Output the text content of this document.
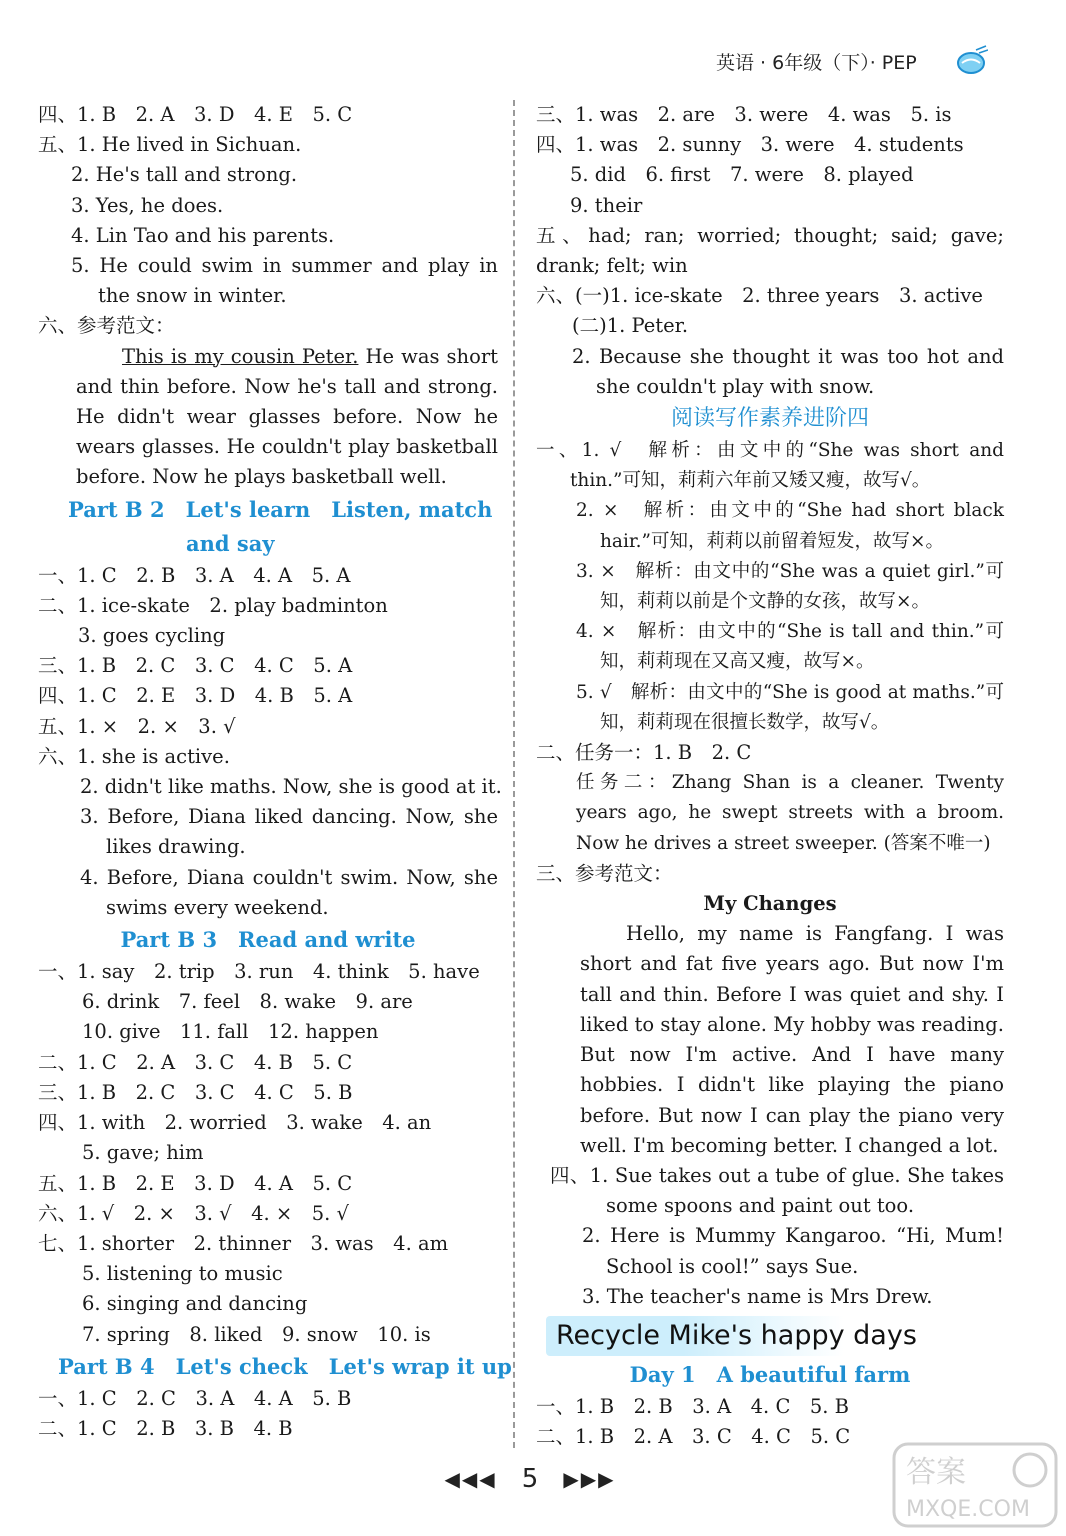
英语 · 6年级（下）· PEP
四、1. B　2. A　3. D　4. E　5. C
五、1. He lived in Sichuan.
2. He's tall and strong.
3. Yes, he does.
4. Lin Tao and his parents.
5. He could swim in summer and play in the snow in winter.
六、参考范文：
This is my cousin Peter. He was short and thin before. Now he's tall and strong. He didn't wear glasses before. Now he wears glasses. He couldn't play basketball before. Now he plays basketball well.
Part B 2　Let's learn　Listen, match
and say
一、1. C　2. B　3. A　4. A　5. A
二、1. ice-skate　2. play badminton
3. goes cycling
三、1. B　2. C　3. C　4. C　5. A
四、1. C　2. E　3. D　4. B　5. A
五、1. ×　2. ×　3. √
六、1. she is active.
2. didn't like maths. Now, she is good at it.
3. Before, Diana liked dancing. Now, she likes drawing.
4. Before, Diana couldn't swim. Now, she swims every weekend.
Part B 3　Read and write
一、1. say　2. trip　3. run　4. think　5. have
6. drink　7. feel　8. wake　9. are
10. give　11. fall　12. happen
二、1. C　2. A　3. C　4. B　5. C
三、1. B　2. C　3. C　4. C　5. B
四、1. with　2. worried　3. wake　4. an
5. gave; him
五、1. B　2. E　3. D　4. A　5. C
六、1. √　2. ×　3. √　4. ×　5. √
七、1. shorter　2. thinner　3. was　4. am
5. listening to music
6. singing and dancing
7. spring　8. liked　9. snow　10. is
Part B 4　Let's check　Let's wrap it up
一、1. C　2. C　3. A　4. A　5. B
二、1. C　2. B　3. B　4. B
三、1. was　2. are　3. were　4. was　5. is
四、1. was　2. sunny　3. were　4. students
5. did　6. first　7. were　8. played
9. their
五、had; ran; worried; thought; said; gave; drank; felt; win
六、(一)1. ice-skate　2. three years　3. active
(二)1. Peter.
2. Because she thought it was too hot and she couldn't play with snow.
阅读写作素养进阶四
一、1. √　解析：由文中的“She was short and thin.”可知，莉莉六年前又矮又瘦，故写√。
2. ×　解析：由文中的“She had short black hair.”可知，莉莉以前留着短发，故写×。
3. ×　解析：由文中的“She was a quiet girl.”可知，莉莉以前是个文静的女孩，故写×。
4. ×　解析：由文中的“She is tall and thin.”可知，莉莉现在又高又瘦，故写×。
5. √　解析：由文中的“She is good at maths.”可知，莉莉现在很擅长数学，故写√。
二、任务一：1. B　2. C
任务二：Zhang Shan is a cleaner. Twenty years ago, he swept streets with a broom. Now he drives a street sweeper. (答案不唯一)
三、参考范文：
My Changes
Hello, my name is Fangfang. I was short and fat five years ago. But now I'm tall and thin. Before I was quiet and shy. I liked to stay alone. My hobby was reading. But now I'm active. And I have many hobbies. I didn't like playing the piano before. But now I can play the piano very well. I'm becoming better. I changed a lot.
四、1. Sue takes out a tube of glue. She takes some spoons and paint out too.
2. Here is Mummy Kangaroo. “Hi, Mum! School is cool!” says Sue.
3. The teacher's name is Mrs Drew.
Recycle Mike's happy days
Day 1　A beautiful farm
一、1. B　2. B　3. A　4. C　5. B
二、1. B　2. A　3. C　4. C　5. C
◀◀◀ 5 ▶▶▶	答案
MXQE.COM
